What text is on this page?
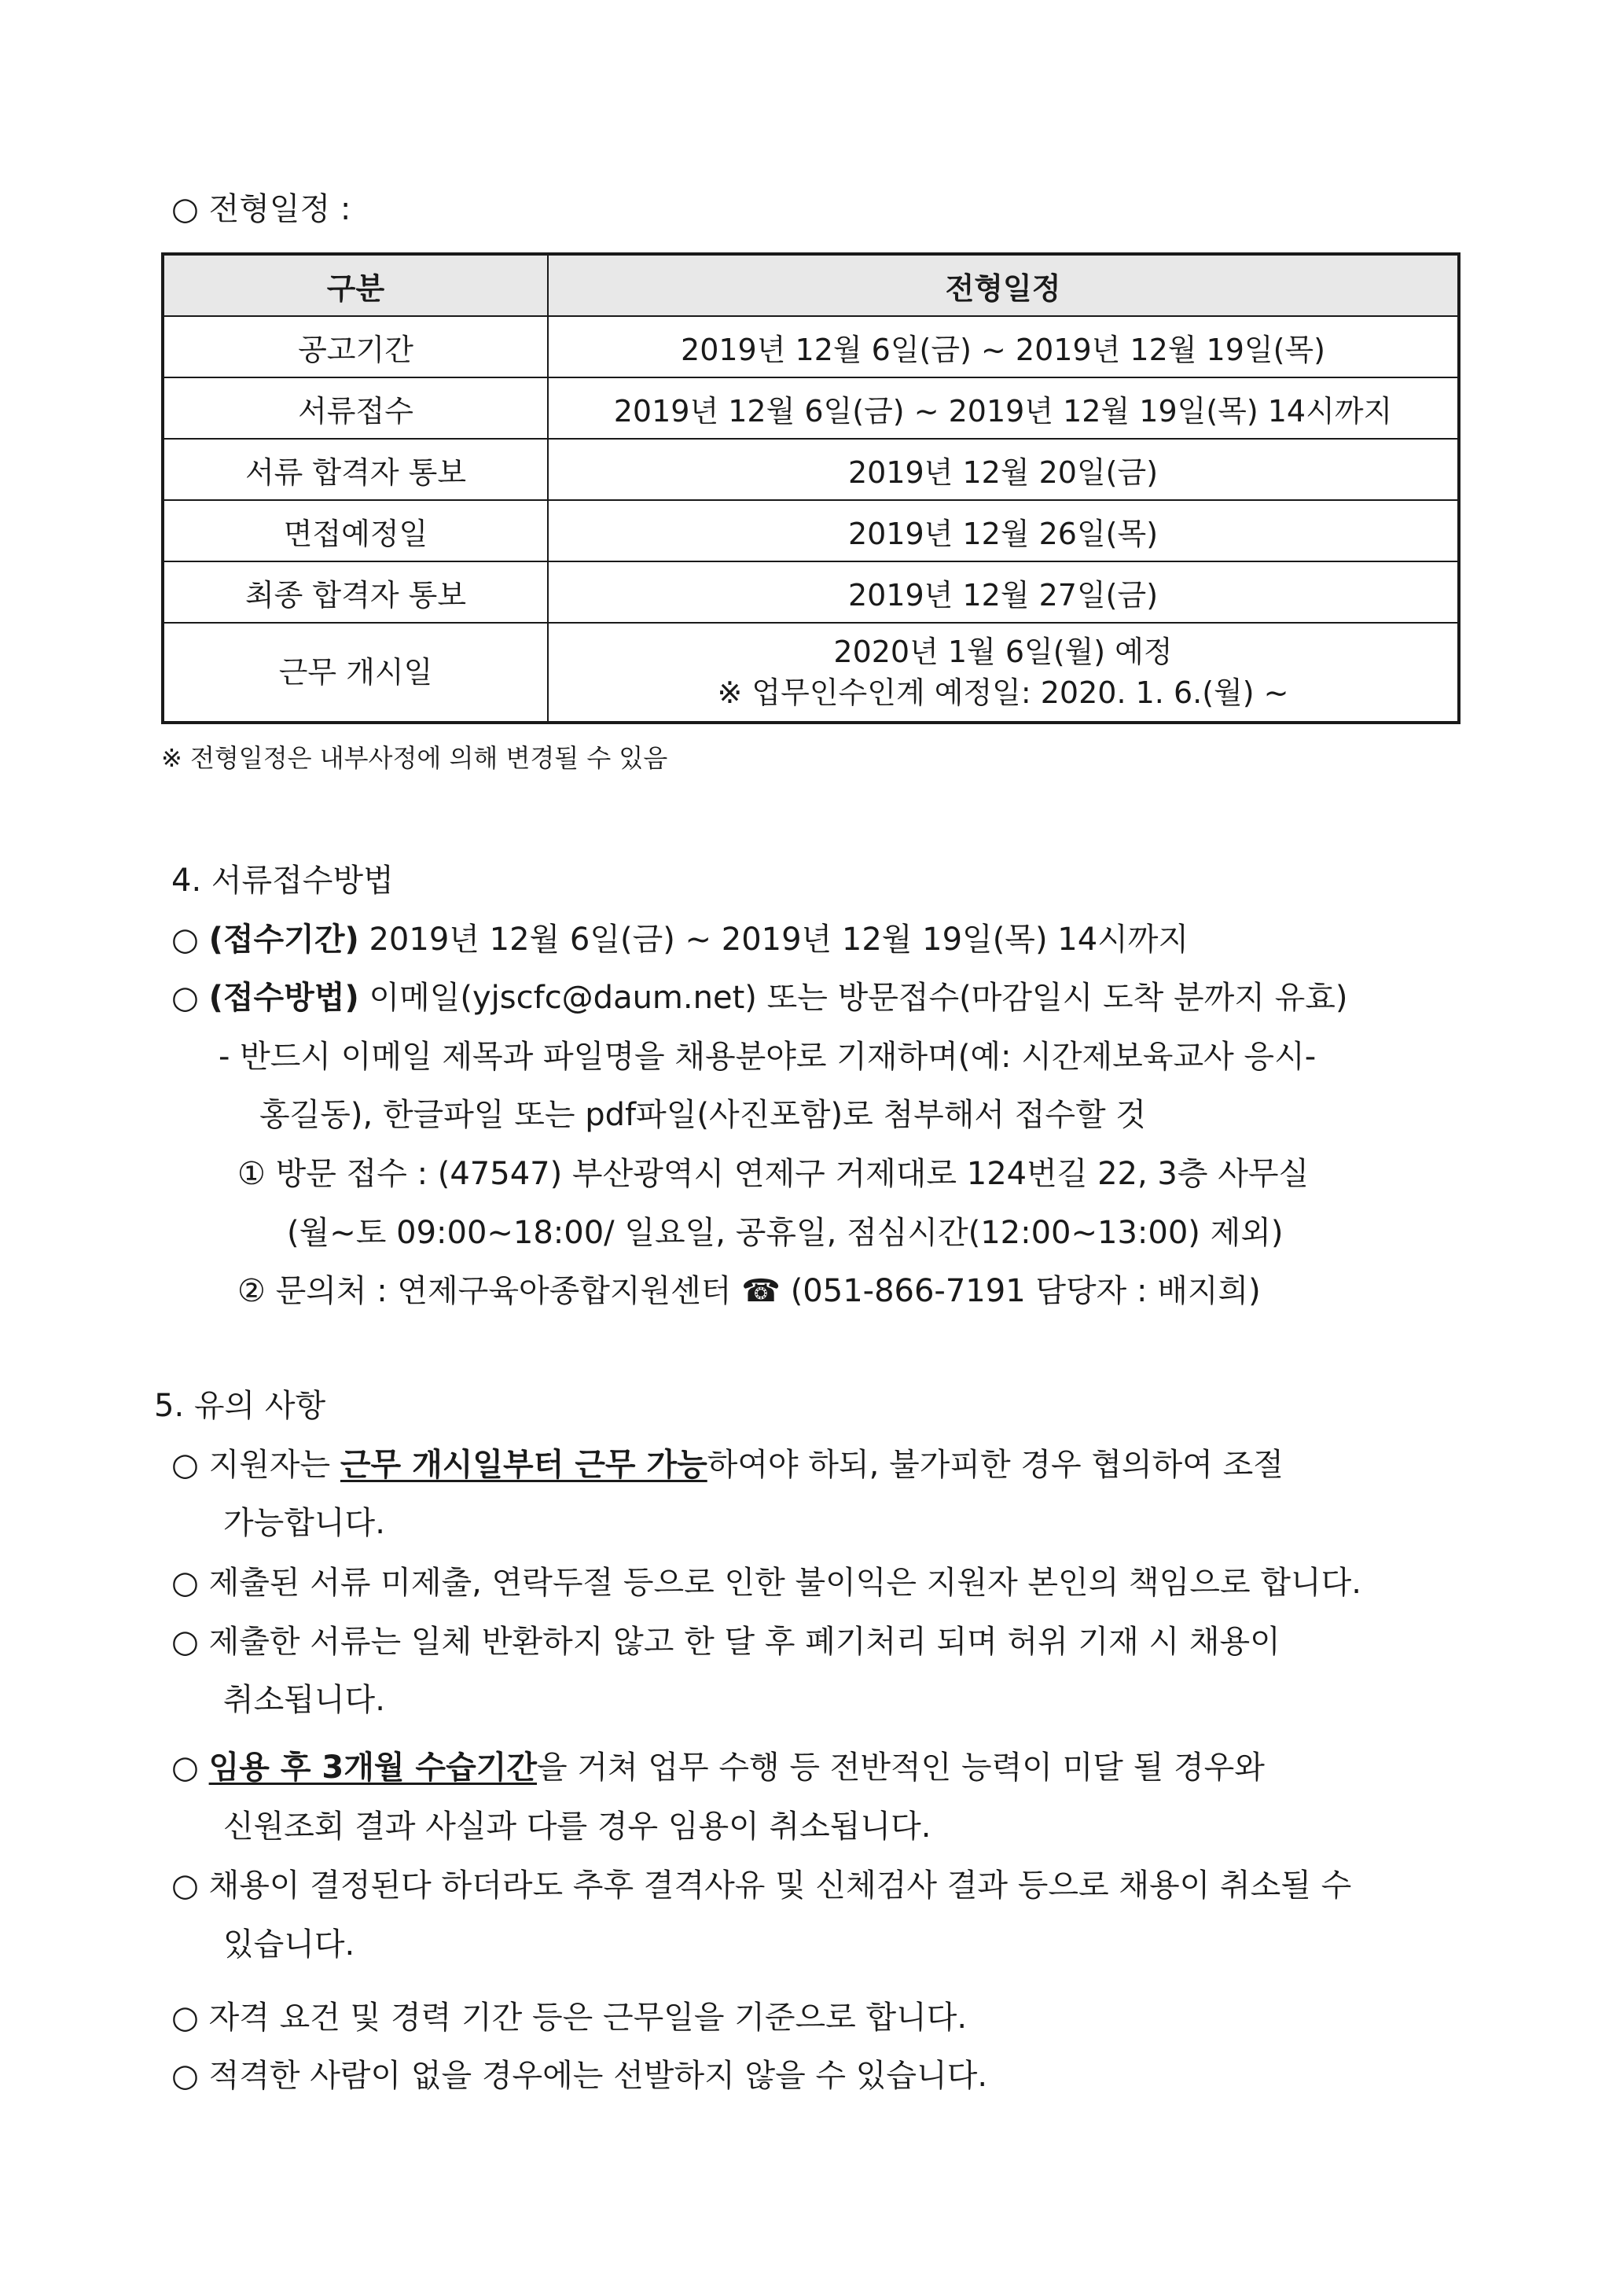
○ 전형일정 :
구분	전형일정
공고기간	2019년 12월 6일(금) ~ 2019년 12월 19일(목)
서류접수	2019년 12월 6일(금) ~ 2019년 12월 19일(목) 14시까지
서류 합격자 통보	2019년 12월 20일(금)
면접예정일	2019년 12월 26일(목)
최종 합격자 통보	2019년 12월 27일(금)
근무 개시일	2020년 1월 6일(월) 예정
※ 업무인수인계 예정일: 2020. 1. 6.(월) ~
※ 전형일정은 내부사정에 의해 변경될 수 있음
4. 서류접수방법
○ (접수기간) 2019년 12월 6일(금) ~ 2019년 12월 19일(목) 14시까지
○ (접수방법) 이메일(yjscfc@daum.net) 또는 방문접수(마감일시 도착 분까지 유효)
- 반드시 이메일 제목과 파일명을 채용분야로 기재하며(예: 시간제보육교사 응시-
홍길동), 한글파일 또는 pdf파일(사진포함)로 첨부해서 접수할 것
① 방문 접수 : (47547) 부산광역시 연제구 거제대로 124번길 22, 3층 사무실
(월~토 09:00~18:00/ 일요일, 공휴일, 점심시간(12:00~13:00) 제외)
② 문의처 : 연제구육아종합지원센터 ☎ (051-866-7191 담당자 : 배지희)
5. 유의 사항
○ 지원자는 근무 개시일부터 근무 가능하여야 하되, 불가피한 경우 협의하여 조절
가능합니다.
○ 제출된 서류 미제출, 연락두절 등으로 인한 불이익은 지원자 본인의 책임으로 합니다.
○ 제출한 서류는 일체 반환하지 않고 한 달 후 폐기처리 되며 허위 기재 시 채용이
취소됩니다.
○ 임용 후 3개월 수습기간을 거쳐 업무 수행 등 전반적인 능력이 미달 될 경우와
신원조회 결과 사실과 다를 경우 임용이 취소됩니다.
○ 채용이 결정된다 하더라도 추후 결격사유 및 신체검사 결과 등으로 채용이 취소될 수
있습니다.
○ 자격 요건 및 경력 기간 등은 근무일을 기준으로 합니다.
○ 적격한 사람이 없을 경우에는 선발하지 않을 수 있습니다.
